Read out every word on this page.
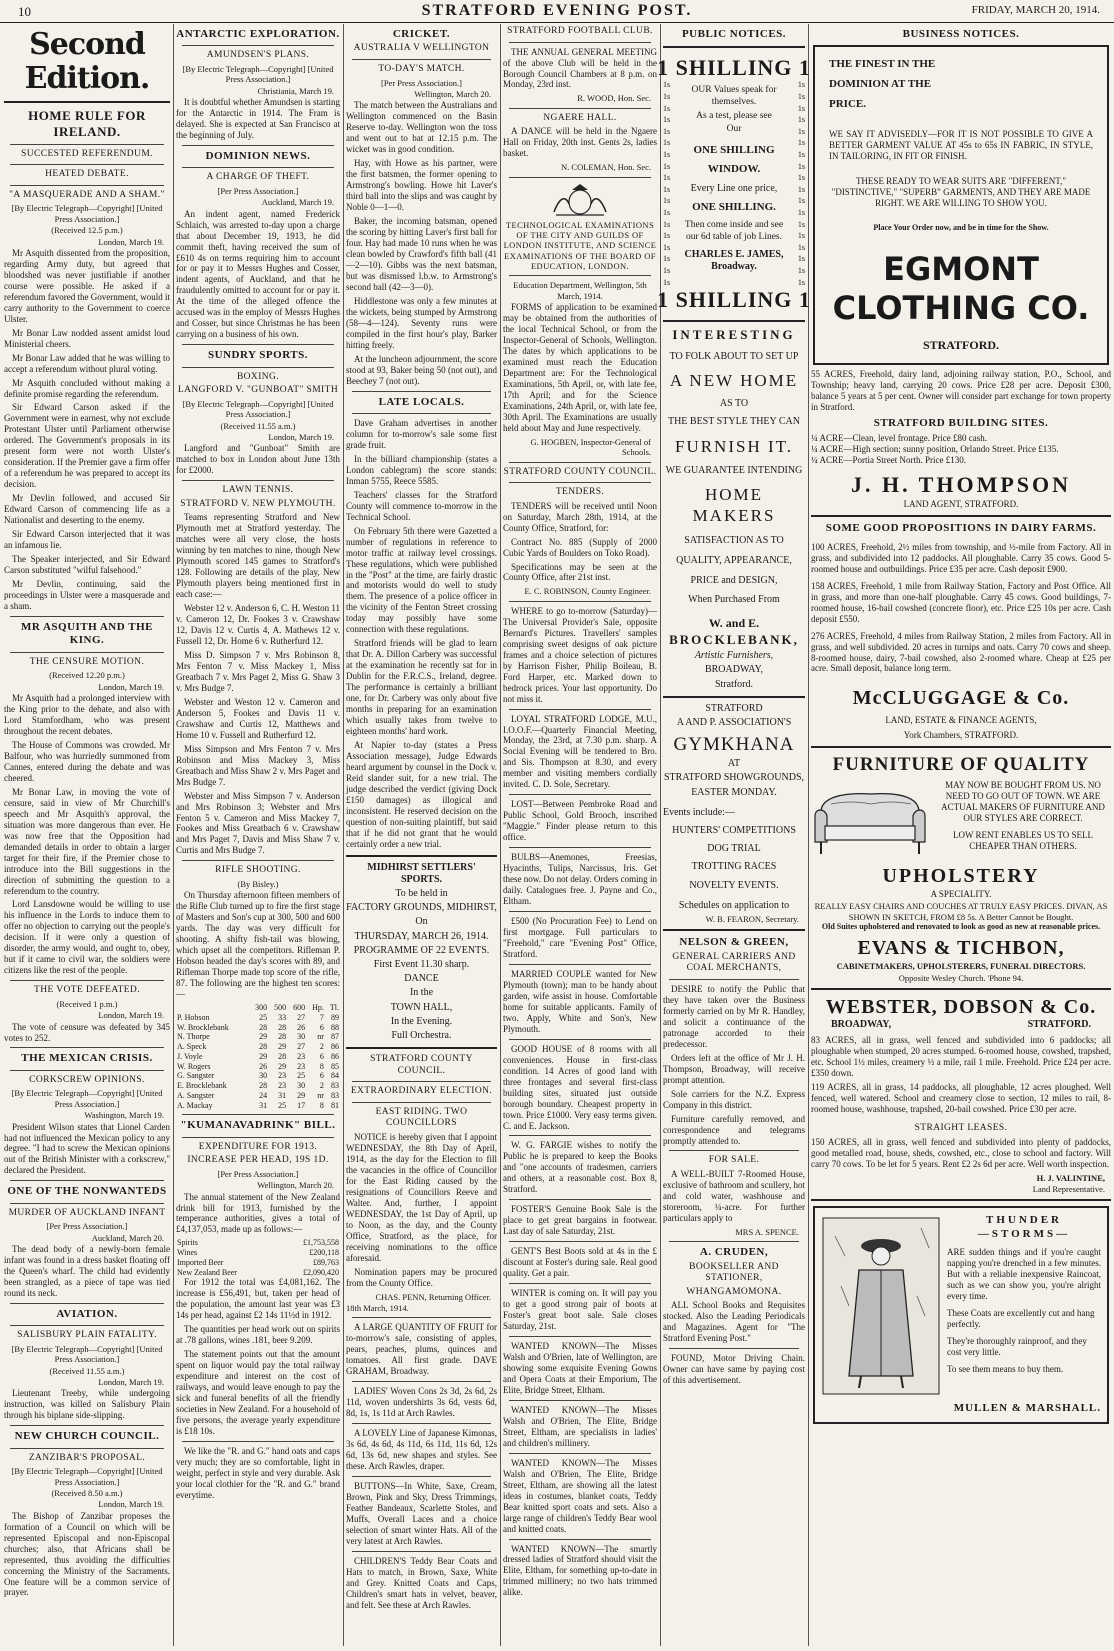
10	STRATFORD EVENING POST.	FRIDAY, MARCH 20, 1914.
Second Edition.
HOME RULE FOR IRELAND.
SUCCESTED REFERENDUM.
HEATED DEBATE.
"A MASQUERADE AND A SHAM."
[By Electric Telegraph—Copyright] [United Press Association.]
(Received 12.5 p.m.)
London, March 19.

Mr Asquith dissented from the proposition, regarding Army duty, but agreed that bloodshed was never justifiable if another course were possible. He asked if a referendum favored the Government, would it carry authority to the Government to coerce Ulster.

Mr Bonar Law nodded assent amidst loud Ministerial cheers.

Mr Bonar Law added that he was willing to accept a referendum without plural voting.

Mr Asquith concluded without making a definite promise regarding the referendum.

Sir Edward Carson asked if the Government were in earnest, why not exclude Protestant Ulster until Parliament otherwise ordered. The Government's proposals in its present form were not worth Ulster's consideration. If the Premier gave a firm offer of a referendum he was prepared to accept its decision.

Mr Devlin followed, and accused Sir Edward Carson of commencing life as a Nationalist and deserting to the enemy.

Sir Edward Carson interjected that it was an infamous lie.

The Speaker interjected, and Sir Edward Carson substituted "wilful falsehood."

Mr Devlin, continuing, said the proceedings in Ulster were a masquerade and a sham.

MR ASQUITH AND THE KING.
THE CENSURE MOTION.
(Received 12.20 p.m.)
London, March 19.

Mr Asquith had a prolonged interview with the King prior to the debate, and also with Lord Stamfordham, who was present throughout the recent debates.

The House of Commons was crowded. Mr Balfour, who was hurriedly summoned from Cannes, entered during the debate and was cheered.

Mr Bonar Law, in moving the vote of censure, said in view of Mr Churchill's speech and Mr Asquith's approval, the situation was more dangerous than ever. He was now free that the Opposition had demanded details in order to obtain a larger target for their fire, if the Premier chose to introduce into the Bill suggestions in the direction of submitting the question to a referendum to the country.

Lord Lansdowne would be willing to use his influence in the Lords to induce them to offer no objection to carrying out the people's decision. If it were only a question of disorder, the army would, and ought to, obey, but if it came to civil war, the soldiers were citizens like the rest of the people.

THE VOTE DEFEATED.
(Received 1 p.m.)
London, March 19.

The vote of censure was defeated by 345 votes to 252.

THE MEXICAN CRISIS.
CORKSCREW OPINIONS.
[By Electric Telegraph—Copyright] [United Press Association.]
Washington, March 19.

President Wilson states that Lionel Carden had not influenced the Mexican policy to any degree. "I had to screw the Mexican opinions out of the British Minister with a corkscrew," declared the President.

ONE OF THE NONWANTEDS
MURDER OF AUCKLAND INFANT
[Per Press Association.]
Auckland, March 20.

The dead body of a newly-born female infant was found in a dress basket floating off the Queen's wharf. The child had evidently been strangled, as a piece of tape was tied round its neck.

AVIATION.
SALISBURY PLAIN FATALITY.
[By Electric Telegraph—Copyright] [United Press Association.]
(Received 11.55 a.m.)
London, March 19.

Lieutenant Treeby, while undergoing instruction, was killed on Salisbury Plain through his biplane side-slipping.

NEW CHURCH COUNCIL.
ZANZIBAR'S PROPOSAL.
[By Electric Telegraph—Copyright] [United Press Association.]
(Received 8.50 a.m.)
London, March 19.

The Bishop of Zanzibar proposes the formation of a Council on which will be represented Episcopal and non-Episcopal churches; also, that Africans shall be represented, thus avoiding the difficulties concerning the Ministry of the Sacraments. One feature will be a common service of prayer.

ANTARCTIC EXPLORATION.
AMUNDSEN'S PLANS.
[By Electric Telegraph—Copyright] [United Press Association.]
Christiania, March 19.

It is doubtful whether Amundsen is starting for the Antarctic in 1914. The Fram is delayed. She is expected at San Francisco at the beginning of July.

DOMINION NEWS.
A CHARGE OF THEFT.
[Per Press Association.]
Auckland, March 19.

An indent agent, named Frederick Schlaich, was arrested to-day upon a charge that about December 19, 1913, he did commit theft, having received the sum of £610 4s on terms requiring him to account for or pay it to Messrs Hughes and Cosser, indent agents, of Auckland, and that he fraudulently omitted to account for or pay it. At the time of the alleged offence the accused was in the employ of Messrs Hughes and Cosser, but since Christmas he has been carrying on a business of his own.

SUNDRY SPORTS.
BOXING.
LANGFORD V. "GUNBOAT" SMITH
[By Electric Telegraph—Copyright] [United Press Association.]
(Received 11.55 a.m.)
London, March 19.

Langford and "Gunboat" Smith are matched to box in London about June 13th for £2000.

LAWN TENNIS.
STRATFORD V. NEW PLYMOUTH.

Teams representing Stratford and New Plymouth met at Stratford yesterday. The matches were all very close, the hosts winning by ten matches to nine, though New Plymouth scored 145 games to Stratford's 128. Following are details of the play, New Plymouth players being mentioned first in each case:—

Webster 12 v. Anderson 6, C. H. Weston 11 v. Cameron 12, Dr. Fookes 3 v. Crawshaw 12, Davis 12 v. Curtis 4, A. Mathews 12 v. Fussell 12, Dr. Home 6 v. Rutherfurd 12.

Miss D. Simpson 7 v. Mrs Robinson 8, Mrs Fenton 7 v. Miss Mackey 1, Miss Greatbach 7 v. Mrs Paget 2, Miss G. Shaw 3 v. Mrs Budge 7.

Webster and Weston 12 v. Cameron and Anderson 5, Fookes and Davis 11 v. Crawshaw and Curtis 12, Matthews and Home 10 v. Fussell and Rutherfurd 12.

Miss Simpson and Mrs Fenton 7 v. Mrs Robinson and Miss Mackey 3, Miss Greatbach and Miss Shaw 2 v. Mrs Paget and Mrs Budge 7.

Webster and Miss Simpson 7 v. Anderson and Mrs Robinson 3; Webster and Mrs Fenton 5 v. Cameron and Miss Mackey 7, Fookes and Miss Greatbach 6 v. Crawshaw and Mrs Paget 7, Davis and Miss Shaw 7 v. Curtis and Mrs Budge 7.

RIFLE SHOOTING.
(By Bisley.)

On Thursday afternoon fifteen members of the Rifle Club turned up to fire the first stage of Masters and Son's cup at 300, 500 and 600 yards. The day was very difficult for shooting. A shifty fish-tail was blowing, which upset all the competitors. Rifleman P. Hobson headed the day's scores with 89, and Rifleman Thorpe made top score of the rifle, 87. The following are the highest ten scores:—

	300	500	600	Hp.	Tl.
P. Hobson	25	33	27	7	89
W. Brocklebank	28	28	26	6	88
N. Thorpe	29	28	30	nr	87
A. Speck	28	29	27	2	86
J. Voyle	29	28	23	6	86
W. Rogers	26	29	23	8	85
G. Sangster	30	23	25	6	84
E. Brocklebank	28	23	30	2	83
A. Sangster	24	31	29	nr	83
A. Mackay	31	25	17	8	81
"KUMANAVADRINK" BILL.
EXPENDITURE FOR 1913.
INCREASE PER HEAD, 19S 1D.
[Per Press Association.]
Wellington, March 20.

The annual statement of the New Zealand drink bill for 1913, furnished by the temperance authorities, gives a total of £4,137,053, made up as follows:—

Spirits	£1,753,558
Wines	£200,118
Imported Beer	£89,763
New Zealand Beer	£2,090,420

For 1912 the total was £4,081,162. The increase is £56,491, but, taken per head of the population, the amount last year was £3 14s per head, against £2 14s 11½d in 1912.

The quantities per head work out on spirits at .78 gallons, wines .181, beer 9.209.

The statement points out that the amount spent on liquor would pay the total railway expenditure and interest on the cost of railways, and would leave enough to pay the sick and funeral benefits of all the friendly societies in New Zealand. For a household of five persons, the average yearly expenditure is £18 10s.

We like the "R. and G." hand oats and caps very much; they are so comfortable, light in weight, perfect in style and very durable. Ask your local clothier for the "R. and G." brand everytime.

CRICKET.
AUSTRALIA V WELLINGTON
TO-DAY'S MATCH.
[Per Press Association.]
Wellington, March 20.

The match between the Australians and Wellington commenced on the Basin Reserve to-day. Wellington won the toss and went out to bat at 12.15 p.m. The wicket was in good condition.

Hay, with Howe as his partner, were the first batsmen, the former opening to Armstrong's bowling. Howe hit Laver's third ball into the slips and was caught by Noble 0—1—0.

Baker, the incoming batsman, opened the scoring by hitting Laver's first ball for four. Hay had made 10 runs when he was clean bowled by Crawford's fifth ball (41—2—10). Gibbs was the next batsman, but was dismissed l.b.w. to Armstrong's second ball (42—3—0).

Hiddlestone was only a few minutes at the wickets, being stumped by Armstrong (58—4—124). Seventy runs were compiled in the first hour's play, Barker hitting freely.

At the luncheon adjournment, the score stood at 93, Baker being 50 (not out), and Beechey 7 (not out).

LATE LOCALS.

Dave Graham advertises in another column for to-morrow's sale some first grade fruit.

In the billiard championship (states a London cablegram) the score stands: Inman 5755, Reece 5585.

Teachers' classes for the Stratford County will commence to-morrow in the Technical School.

On February 5th there were Gazetted a number of regulations in reference to motor traffic at railway level crossings. These regulations, which were published in the "Post" at the time, are fairly drastic and motorists would do well to study them. The presence of a police officer in the vicinity of the Fenton Street crossing today may possibly have some connection with these regulations.

Stratford friends will be glad to learn that Dr. A. Dillon Carbery was successful at the examination he recently sat for in Dublin for the F.R.C.S., Ireland, degree. The performance is certainly a brilliant one, for Dr. Carbery was only about five months in preparing for an examination which usually takes from twelve to eighteen months' hard work.

At Napier to-day (states a Press Association message), Judge Edwards heard argument by counsel in the Dock v. Reid slander suit, for a new trial. The judge described the verdict (giving Dock £150 damages) as illogical and inconsistent. He reserved decision on the question of non-suiting plaintiff, but said that if he did not grant that he would certainly order a new trial.

MIDHIRST SETTLERS' SPORTS.
To be held in
FACTORY GROUNDS, MIDHIRST,
On
THURSDAY, MARCH 26, 1914.
PROGRAMME OF 22 EVENTS.
First Event 11.30 sharp.
DANCE
In the
TOWN HALL,
In the Evening.
Full Orchestra.
STRATFORD COUNTY COUNCIL.
EXTRAORDINARY ELECTION.
EAST RIDING. TWO COUNCILLORS

NOTICE is hereby given that I appoint WEDNESDAY, the 8th Day of April, 1914, as the day for the Election to fill the vacancies in the office of Councillor for the East Riding caused by the resignations of Councillors Reeve and Walter. And, further, I appoint WEDNESDAY, the 1st Day of April, up to Noon, as the day, and the County Office, Stratford, as the place, for receiving nominations to the office aforesaid.

Nomination papers may be procured from the County Office.

CHAS. PENN, Returning Officer.
18th March, 1914.

A LARGE QUANTITY OF FRUIT for to-morrow's sale, consisting of apples, pears, peaches, plums, quinces and tomatoes. All first grade. DAVE GRAHAM, Broadway.

LADIES' Woven Cons 2s 3d, 2s 6d, 2s 11d, woven undershirts 3s 6d, vests 6d, 8d, 1s, 1s 11d at Arch Rawles.

A LOVELY Line of Japanese Kimonas, 3s 6d, 4s 6d, 4s 11d, 6s 11d, 11s 6d, 12s 6d, 13s 6d, new shapes and styles. See these. Arch Rawles, draper.

BUTTONS—In White, Saxe, Cream, Brown, Pink and Sky, Dress Trimmings, Feather Bandeaux, Scarlette Stoles, and Muffs, Overall Laces and a choice selection of smart winter Hats. All of the very latest at Arch Rawles.

CHILDREN'S Teddy Bear Coats and Hats to match, in Brown, Saxe, White and Grey. Knitted Coats and Caps, Children's smart hats in velvet, beaver, and felt. See these at Arch Rawles.

STRATFORD FOOTBALL CLUB.

THE ANNUAL GENERAL MEETING of the above Club will be held in the Borough Council Chambers at 8 p.m. on Monday, 23rd inst.

R. WOOD, Hon. Sec.
NGAERE HALL.

A DANCE will be held in the Ngaere Hall on Friday, 20th inst. Gents 2s, ladies basket.

N. COLEMAN, Hon. Sec.
TECHNOLOGICAL EXAMINATIONS OF THE CITY AND GUILDS OF LONDON INSTITUTE, AND SCIENCE EXAMINATIONS OF THE BOARD OF EDUCATION, LONDON.
Education Department, Wellington, 5th March, 1914.

FORMS of application to be examined may be obtained from the authorities of the local Technical School, or from the Inspector-General of Schools, Wellington. The dates by which applications to be examined must reach the Education Department are: For the Technological Examinations, 5th April, or, with late fee, 17th April; and for the Science Examinations, 24th April, or, with late fee, 30th April. The Examinations are usually held about May and June respectively.

G. HOGBEN, Inspector-General of Schools.
STRATFORD COUNTY COUNCIL.
TENDERS.

TENDERS will be received until Noon on Saturday, March 28th, 1914, at the County Office, Stratford, for:

Contract No. 885 (Supply of 2000 Cubic Yards of Boulders on Toko Road).

Specifications may be seen at the County Office, after 21st inst.

E. C. ROBINSON, County Engineer.

WHERE to go to-morrow (Saturday)—The Universal Provider's Sale, opposite Bernard's Pictures. Travellers' samples comprising sweet designs of oak picture frames and a choice selection of pictures by Harrison Fisher, Philip Boileau, B. Ford Harper, etc. Marked down to bedrock prices. Your last opportunity. Do not miss it.

LOYAL STRATFORD LODGE, M.U., I.O.O.F.—Quarterly Financial Meeting, Monday, the 23rd, at 7.30 p.m. sharp. A Social Evening will be tendered to Bro. and Sis. Thompson at 8.30, and every member and visiting members cordially invited. C. D. Sole, Secretary.

LOST—Between Pembroke Road and Public School, Gold Brooch, inscribed "Maggie." Finder please return to this office.

BULBS—Anemones, Freesias, Hyacinths, Tulips, Narcissus, Iris. Get these now. Do not delay. Orders coming in daily. Catalogues free. J. Payne and Co., Eltham.

£500 (No Procuration Fee) to Lend on first mortgage. Full particulars to "Freehold," care "Evening Post" Office, Stratford.

MARRIED COUPLE wanted for New Plymouth (town); man to be handy about garden, wife assist in house. Comfortable home for suitable applicants. Family of two. Apply, White and Son's, New Plymouth.

GOOD HOUSE of 8 rooms with all conveniences. House in first-class condition. 14 Acres of good land with three frontages and several first-class building sites, situated just outside borough boundary. Cheapest property in town. Price £1000. Very easy terms given. C. and E. Jackson.

W. G. FARGIE wishes to notify the Public he is prepared to keep the Books and "one accounts of tradesmen, carriers and others, at a reasonable cost. Box 8, Stratford.

FOSTER'S Genuine Book Sale is the place to get great bargains in footwear. Last day of sale Saturday, 21st.

GENT'S Best Boots sold at 4s in the £ discount at Foster's during sale. Real good quality. Get a pair.

WINTER is coming on. It will pay you to get a good strong pair of boots at Foster's great boot sale. Sale closes Saturday, 21st.

WANTED KNOWN—The Misses Walsh and O'Brien, late of Wellington, are showing some exquisite Evening Gowns and Opera Coats at their Emporium, The Elite, Bridge Street, Eltham.

WANTED KNOWN—The Misses Walsh and O'Brien, The Elite, Bridge Street, Eltham, are specialists in ladies' and children's millinery.

WANTED KNOWN—The Misses Walsh and O'Brien, The Elite, Bridge Street, Eltham, are showing all the latest ideas in costumes, blanket coats, Teddy Bear knitted sport coats and sets. Also a large range of children's Teddy Bear wool and knitted coats.

WANTED KNOWN—The smartly dressed ladies of Stratford should visit the Elite, Eltham, for something up-to-date in trimmed millinery; no two hats trimmed alike.

PUBLIC NOTICES.
1s
1s
1s
1s
1s
1s
1s
1s
1s
1s
1s
1s
1s
1s
1s
1s
1s
1s
1s
1s
1s
1s
1s
1s
1s
1s
1s
1s
1s
1s
1s
1s
1s
1s
1s
1s
1
SHILLING
1
OUR Values speak for themselves.
As a test, please see
Our
ONE SHILLING
WINDOW.
Every Line one price,
ONE SHILLING.
Then come inside and see our 6d table of job Lines.
CHARLES E. JAMES, Broadway.
1
SHILLING
1
INTERESTING
TO FOLK ABOUT TO SET UP
A NEW HOME
AS TO
THE BEST STYLE THEY CAN
FURNISH IT.
WE GUARANTEE INTENDING
HOME MAKERS
SATISFACTION AS TO
QUALITY, APPEARANCE,
PRICE and DESIGN,
When Purchased From
W. and E.
BROCKLEBANK,
Artistic Furnishers,
BROADWAY,
Stratford.
STRATFORD
A AND P. ASSOCIATION'S
GYMKHANA
AT
STRATFORD SHOWGROUNDS,
EASTER MONDAY.
Events include:—
HUNTERS' COMPETITIONS
DOG TRIAL
TROTTING RACES
NOVELTY EVENTS.
Schedules on application to
W. B. FEARON, Secretary.
NELSON & GREEN,
GENERAL CARRIERS AND COAL MERCHANTS,

DESIRE to notify the Public that they have taken over the Business formerly carried on by Mr R. Handley, and solicit a continuance of the patronage accorded to their predecessor.

Orders left at the office of Mr J. H. Thompson, Broadway, will receive prompt attention.

Sole carriers for the N.Z. Express Company in this district.

Furniture carefully removed, and correspondence and telegrams promptly attended to.

FOR SALE.

A WELL-BUILT 7-Roomed House, exclusive of bathroom and scullery, hot and cold water, washhouse and storeroom, ¼-acre. For further particulars apply to

MRS A. SPENCE.
A. CRUDEN,
BOOKSELLER AND STATIONER,
WHANGAMOMONA.

ALL School Books and Requisites stocked. Also the Leading Periodicals and Magazines. Agent for "The Stratford Evening Post."

FOUND, Motor Driving Chain. Owner can have same by paying cost of this advertisement.

BUSINESS NOTICES.
THE FINEST IN THE DOMINION AT THE PRICE.
WE SAY IT ADVISEDLY—FOR IT IS NOT POSSIBLE TO GIVE A BETTER GARMENT VALUE AT 45s to 65s IN FABRIC, IN STYLE, IN TAILORING, IN FIT OR FINISH.
THESE READY TO WEAR SUITS ARE "DIFFERENT," "DISTINCTIVE," "SUPERB" GARMENTS, AND THEY ARE MADE RIGHT. WE ARE WILLING TO SHOW YOU.
Place Your Order now, and be in time for the Show.
EGMONT CLOTHING CO.
STRATFORD.

55 ACRES, Freehold, dairy land, adjoining railway station, P.O., School, and Township; heavy land, carrying 20 cows. Price £28 per acre. Deposit £300, balance 5 years at 5 per cent. Owner will consider part exchange for town property in Stratford.

STRATFORD BUILDING SITES.
¼ ACRE—Clean, level frontage. Price £80 cash.
¼ ACRE—High section; sunny position, Orlando Street. Price £135.
¼ ACRE—Portia Street North. Price £130.
J. H. THOMPSON
LAND AGENT, STRATFORD.
SOME GOOD PROPOSITIONS IN DAIRY FARMS.

100 ACRES, Freehold, 2½ miles from township, and ½-mile from Factory. All in grass, and subdivided into 12 paddocks. All ploughable. Carry 35 cows. Good 5-roomed house and outbuildings. Price £35 per acre. Cash deposit £900.

158 ACRES, Freehold, 1 mile from Railway Station, Factory and Post Office. All in grass, and more than one-half ploughable. Carry 45 cows. Good buildings, 7-roomed house, 16-bail cowshed (concrete floor), etc. Price £25 10s per acre. Cash deposit £550.

276 ACRES, Freehold, 4 miles from Railway Station, 2 miles from Factory. All in grass, and well subdivided. 20 acres in turnips and oats. Carry 70 cows and sheep. 8-roomed house, dairy, 7-bail cowshed, also 2-roomed whare. Cheap at £25 per acre. Small deposit, balance long term.

McCLUGGAGE & Co.
LAND, ESTATE & FINANCE AGENTS,
York Chambers, STRATFORD.
FURNITURE OF QUALITY
MAY NOW BE BOUGHT FROM US. NO NEED TO GO OUT OF TOWN. WE ARE ACTUAL MAKERS OF FURNITURE AND OUR STYLES ARE CORRECT.
LOW RENT ENABLES US TO SELL CHEAPER THAN OTHERS.
UPHOLSTERY
A SPECIALITY.
REALLY EASY CHAIRS AND COUCHES AT TRULY EASY PRICES. DIVAN, AS SHOWN IN SKETCH, FROM £8 5s. A Better Cannot be Bought.
Old Suites upholstered and renovated to look as good as new at reasonable prices.
EVANS & TICHBON,
CABINETMAKERS, UPHOLSTERERS, FUNERAL DIRECTORS.
Opposite Wesley Church. 'Phone 94.
WEBSTER, DOBSON & Co.
BROADWAY,	STRATFORD.

83 ACRES, all in grass, well fenced and subdivided into 6 paddocks; all ploughable when stumped, 20 acres stumped. 6-roomed house, cowshed, trapshed, etc. School 1½ miles, creamery ½ a mile, rail 1 mile. Freehold. Price £24 per acre. £350 down.

119 ACRES, all in grass, 14 paddocks, all ploughable, 12 acres ploughed. Well fenced, well watered. School and creamery close to section, 12 miles to rail, 8-roomed house, washhouse, trapshed, 20-bail cowshed. Price £30 per acre.

STRAIGHT LEASES.

150 ACRES, all in grass, well fenced and subdivided into plenty of paddocks, good metalled road, house, sheds, cowshed, etc., close to school and factory. Will carry 70 cows. To be let for 5 years. Rent £2 2s 6d per acre. Well worth inspection.

H. J. VALINTINE,
Land Representative.
THUNDER
—STORMS—
ARE sudden things and if you're caught napping you're drenched in a few minutes. But with a reliable inexpensive Raincoat, such as we can show you, you're alright every time.
These Coats are excellently cut and hang perfectly.
They're thoroughly rainproof, and they cost very little.
To see them means to buy them.
MULLEN & MARSHALL.
